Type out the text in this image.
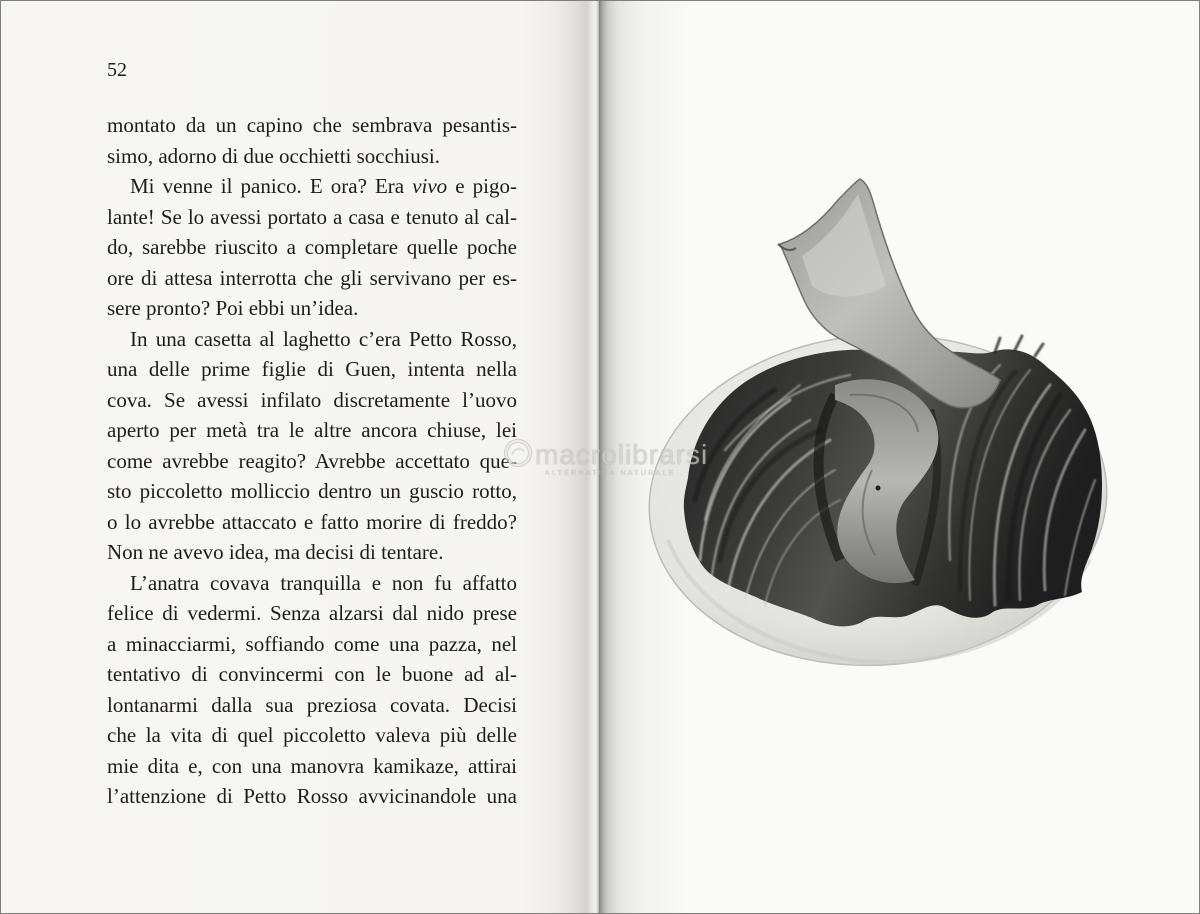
52
montato da un capino che sembrava pesantis-
simo, adorno di due occhietti socchiusi.
Mi venne il panico. E ora? Era vivo e pigo-
lante! Se lo avessi portato a casa e tenuto al cal-
do, sarebbe riuscito a completare quelle poche
ore di attesa interrotta che gli servivano per es-
sere pronto? Poi ebbi un’idea.
In una casetta al laghetto c’era Petto Rosso,
una delle prime figlie di Guen, intenta nella
cova. Se avessi infilato discretamente l’uovo
aperto per metà tra le altre ancora chiuse, lei
come avrebbe reagito? Avrebbe accettato que-
sto piccoletto molliccio dentro un guscio rotto,
o lo avrebbe attaccato e fatto morire di freddo?
Non ne avevo idea, ma decisi di tentare.
L’anatra covava tranquilla e non fu affatto
felice di vedermi. Senza alzarsi dal nido prese
a minacciarmi, soffiando come una pazza, nel
tentativo di convincermi con le buone ad al-
lontanarmi dalla sua preziosa covata. Decisi
che la vita di quel piccoletto valeva più delle
mie dita e, con una manovra kamikaze, attirai
l’attenzione di Petto Rosso avvicinandole una
macrolibrarsi
ALTERNATIVA NATURALE
